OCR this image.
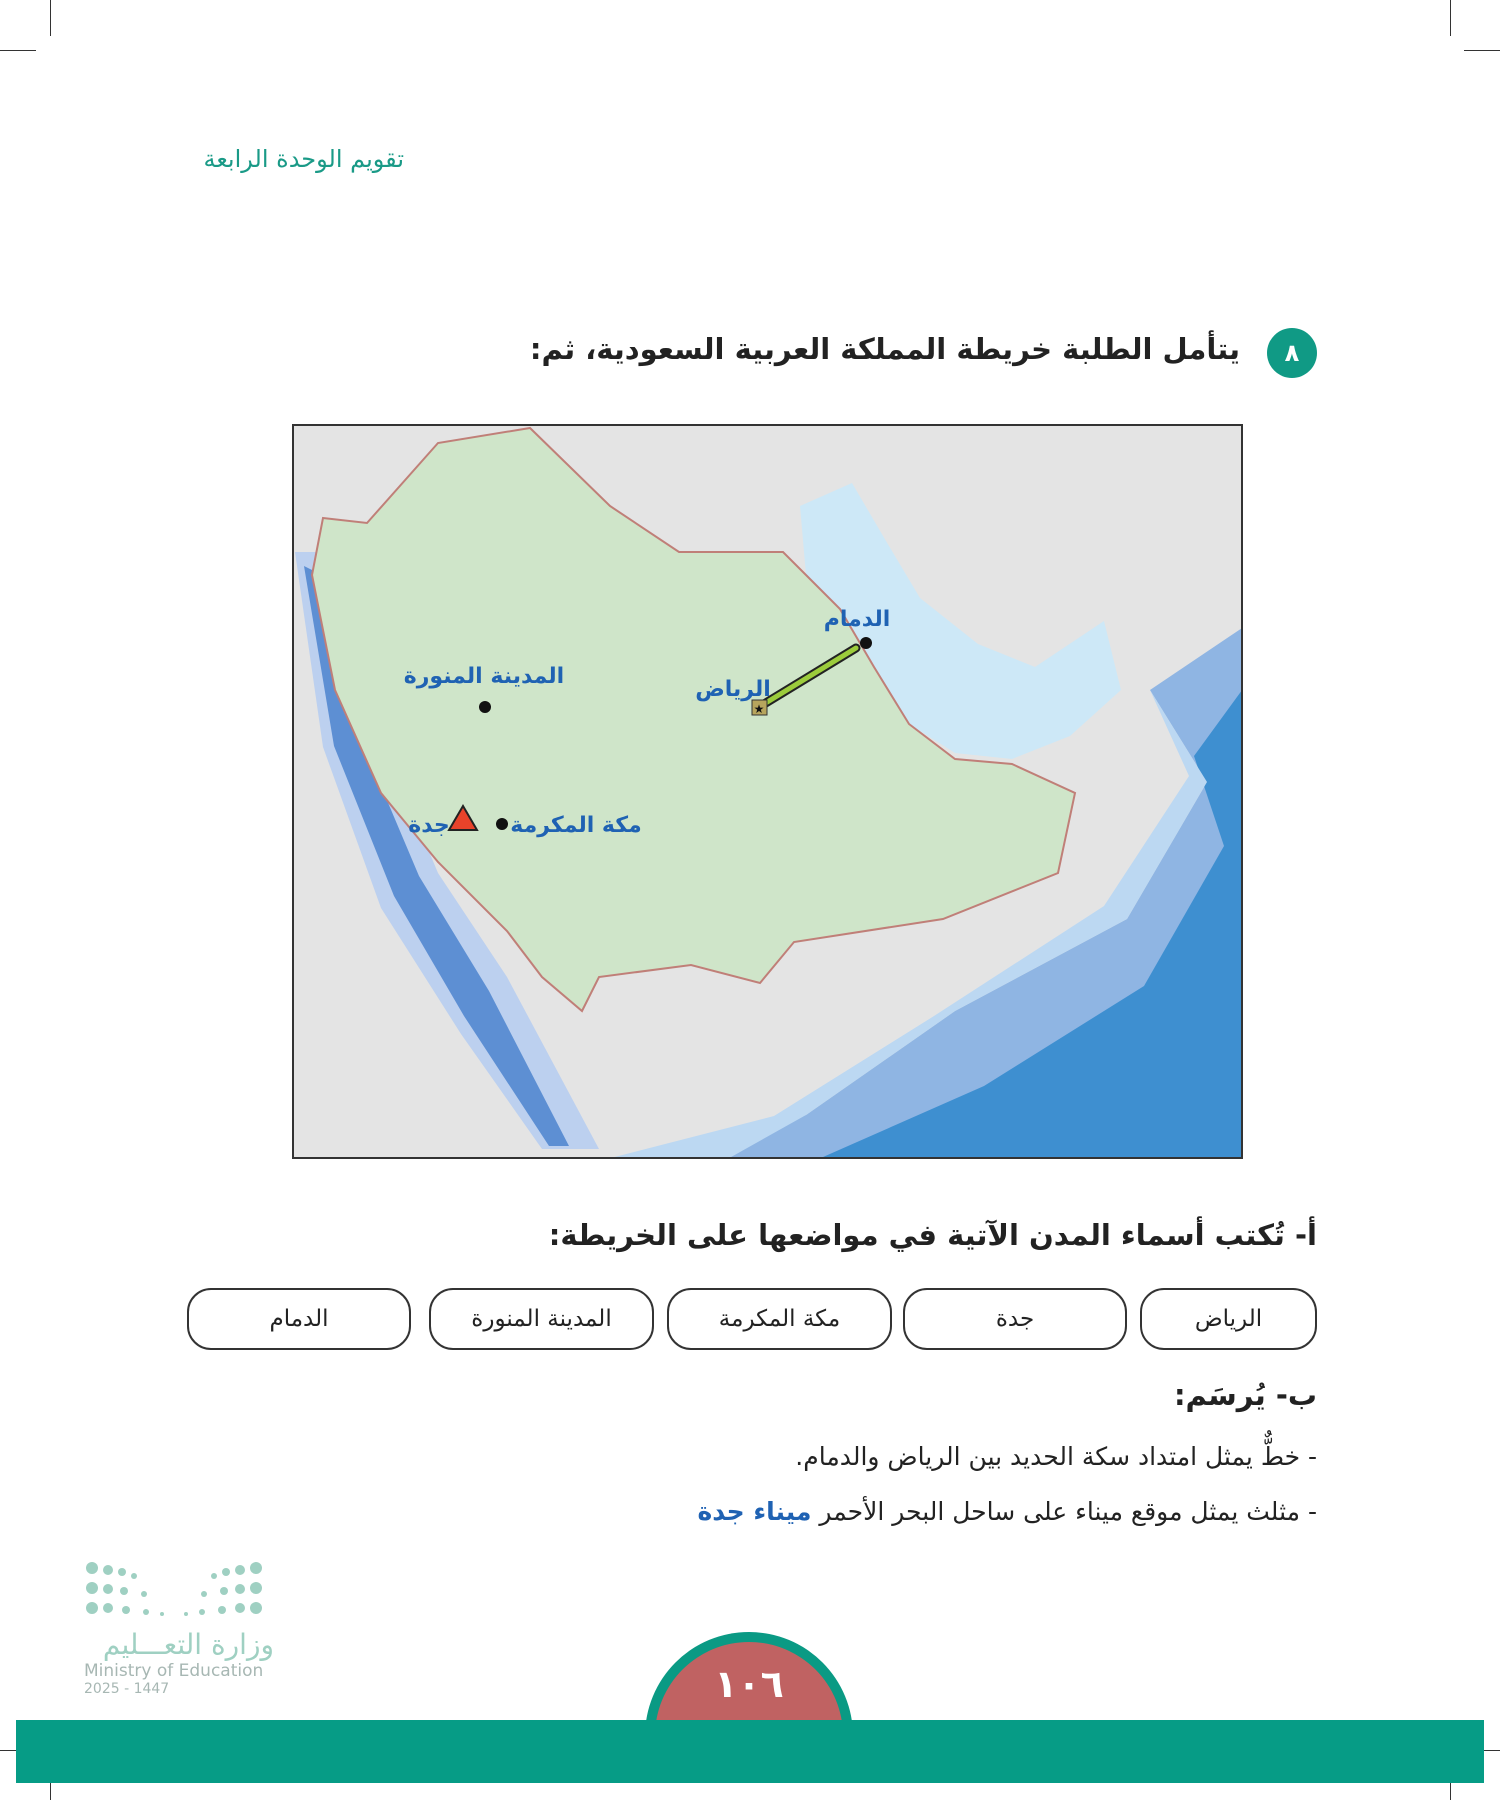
تقويم الوحدة الرابعة
٨
يتأمل الطلبة خريطة المملكة العربية السعودية، ثم:
★
الدمام
الرياض
المدينة المنورة
مكة المكرمة
جدة
أ- تُكتب أسماء المدن الآتية في مواضعها على الخريطة:
الرياض
جدة
مكة المكرمة
المدينة المنورة
الدمام
ب- يُرسَم:
- خطٌّ يمثل امتداد سكة الحديد بين الرياض والدمام.
- مثلث يمثل موقع ميناء على ساحل البحر الأحمر ميناء جدة
وزارة التعـــليم
Ministry of Education
2025 - 1447	١٠٦
